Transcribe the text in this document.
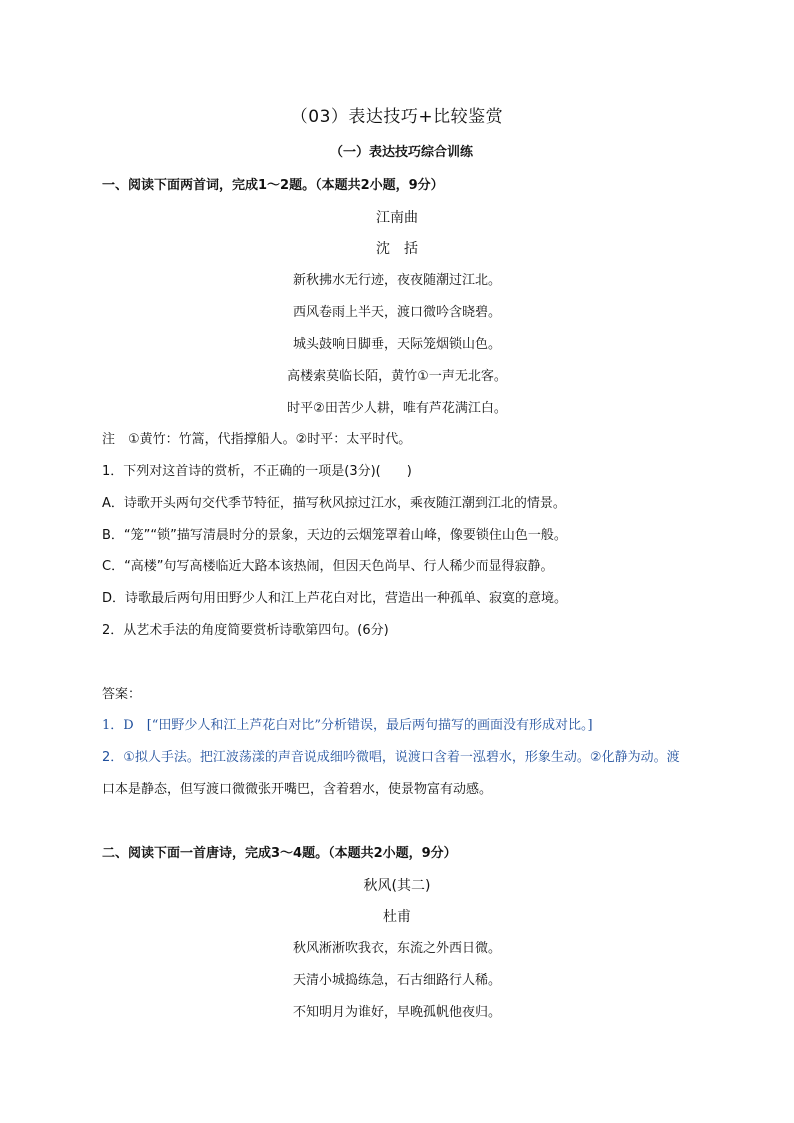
（03）表达技巧+比较鉴赏
（一）表达技巧综合训练
一、阅读下面两首词，完成1～2题。（本题共2小题，9分）
江南曲
沈　括
新秋拂水无行迹，夜夜随潮过江北。
西风卷雨上半天，渡口微吟含晓碧。
城头鼓响日脚垂，天际笼烟锁山色。
高楼索莫临长陌，黄竹①一声无北客。
时平②田苦少人耕，唯有芦花满江白。
注　①黄竹：竹篙，代指撑船人。②时平：太平时代。
1．下列对这首诗的赏析，不正确的一项是(3分)(　　)
A．诗歌开头两句交代季节特征，描写秋风掠过江水，乘夜随江潮到江北的情景。
B．“笼”“锁”描写清晨时分的景象，天边的云烟笼罩着山峰，像要锁住山色一般。
C．“高楼”句写高楼临近大路本该热闹，但因天色尚早、行人稀少而显得寂静。
D．诗歌最后两句用田野少人和江上芦花白对比，营造出一种孤单、寂寞的意境。
2．从艺术手法的角度简要赏析诗歌第四句。(6分)
答案：
1．D　[“田野少人和江上芦花白对比”分析错误，最后两句描写的画面没有形成对比。]
2．①拟人手法。把江波荡漾的声音说成细吟微唱，说渡口含着一泓碧水，形象生动。②化静为动。渡
口本是静态，但写渡口微微张开嘴巴，含着碧水，使景物富有动感。
二、阅读下面一首唐诗，完成3～4题。（本题共2小题，9分）
秋风(其二)
杜甫
秋风淅淅吹我衣，东流之外西日微。
天清小城捣练急，石古细路行人稀。
不知明月为谁好，早晚孤帆他夜归。
